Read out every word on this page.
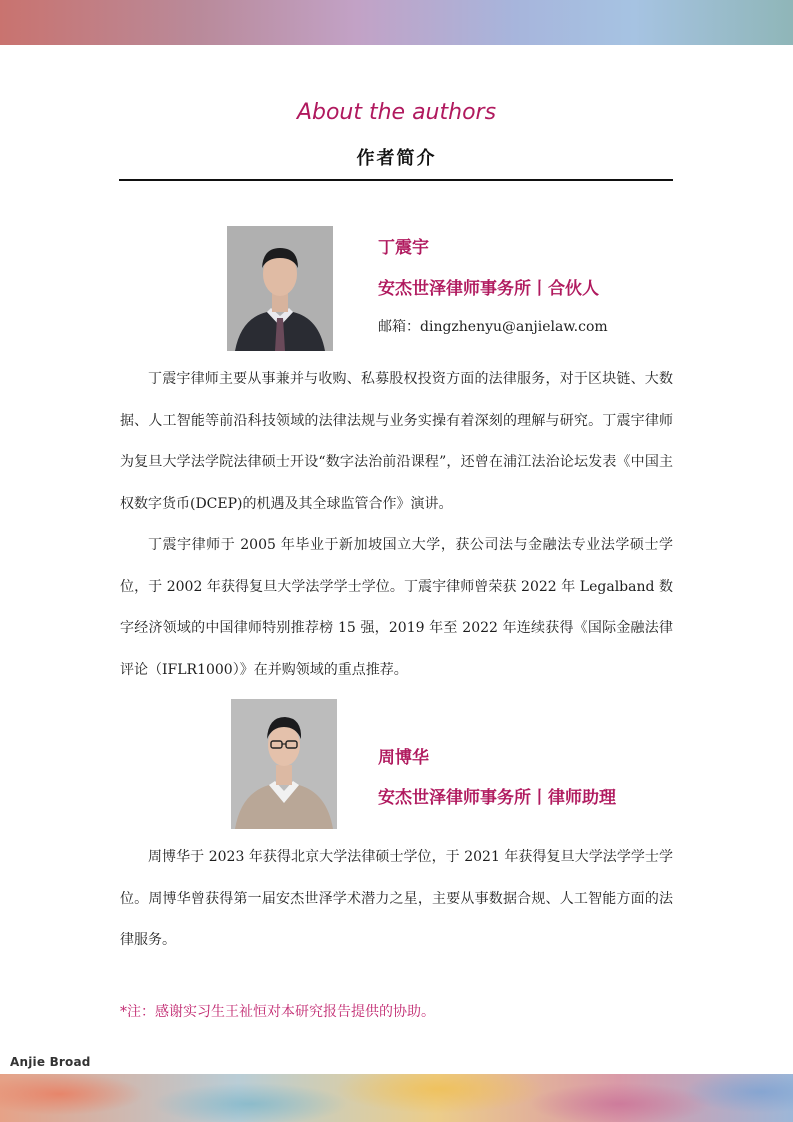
About the authors
作者简介

丁震宇

安杰世泽律师事务所丨合伙人

邮箱：dingzhenyu@anjielaw.com

丁震宇律师主要从事兼并与收购、私募股权投资方面的法律服务，对于区块链、大数据、人工智能等前沿科技领域的法律法规与业务实操有着深刻的理解与研究。丁震宇律师为复旦大学法学院法律硕士开设“数字法治前沿课程”，还曾在浦江法治论坛发表《中国主权数字货币(DCEP)的机遇及其全球监管合作》演讲。

丁震宇律师于 2005 年毕业于新加坡国立大学，获公司法与金融法专业法学硕士学位，于 2002 年获得复旦大学法学学士学位。丁震宇律师曾荣获 2022 年 Legalband 数字经济领域的中国律师特别推荐榜 15 强，2019 年至 2022 年连续获得《国际金融法律评论（IFLR1000）》在并购领域的重点推荐。

周博华

安杰世泽律师事务所丨律师助理

周博华于 2023 年获得北京大学法律硕士学位，于 2021 年获得复旦大学法学学士学位。周博华曾获得第一届安杰世泽学术潜力之星，主要从事数据合规、人工智能方面的法律服务。

*注：感谢实习生王祉恒对本研究报告提供的协助。

Anjie Broad
